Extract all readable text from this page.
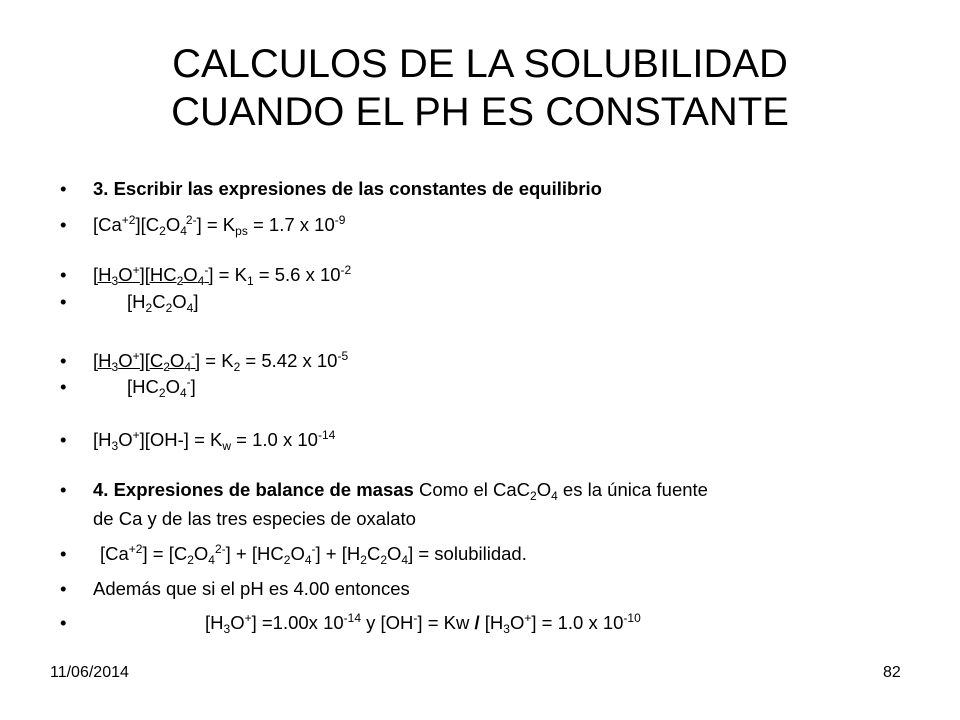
CALCULOS DE LA SOLUBILIDAD
CUANDO EL PH ES CONSTANTE
•
•
•
•
•
•
•
•
•
•
•
3. Escribir las expresiones de las constantes de equilibrio
$[Ca^{+2}][C_2O_4^{2-}] = K_{ps} = 1.7$ x $10^{-9}$
$[H_3O^+][HC_2O_4^-] = K_1 = 5.6$ x $10^{-2}$
$[H_2C_2O_4]$
$[H_3O^+][C_2O_4^-] = K_2 = 5.42$ x $10^{-5}$
$[HC_2O_4^-]$
$[H_3O^+][OH-] = K_w = 1.0$ x $10^{-14}$
4. Expresiones de balance de masas Como el $CaC_2O_4$ es la única fuente
de Ca y de las tres especies de oxalato
$[Ca^{+2}] = [C_2O_4^{2-}] + [HC_2O_4^-] + [H_2C_2O_4]$ = solubilidad.
Además que si el pH es 4.00 entonces
$[H_3O^+] =1.00x$ $10^{-14}$ y $[OH^-] = Kw / [H_3O^+] = 1.0$ x $10^{-10}$
11/06/2014	82
